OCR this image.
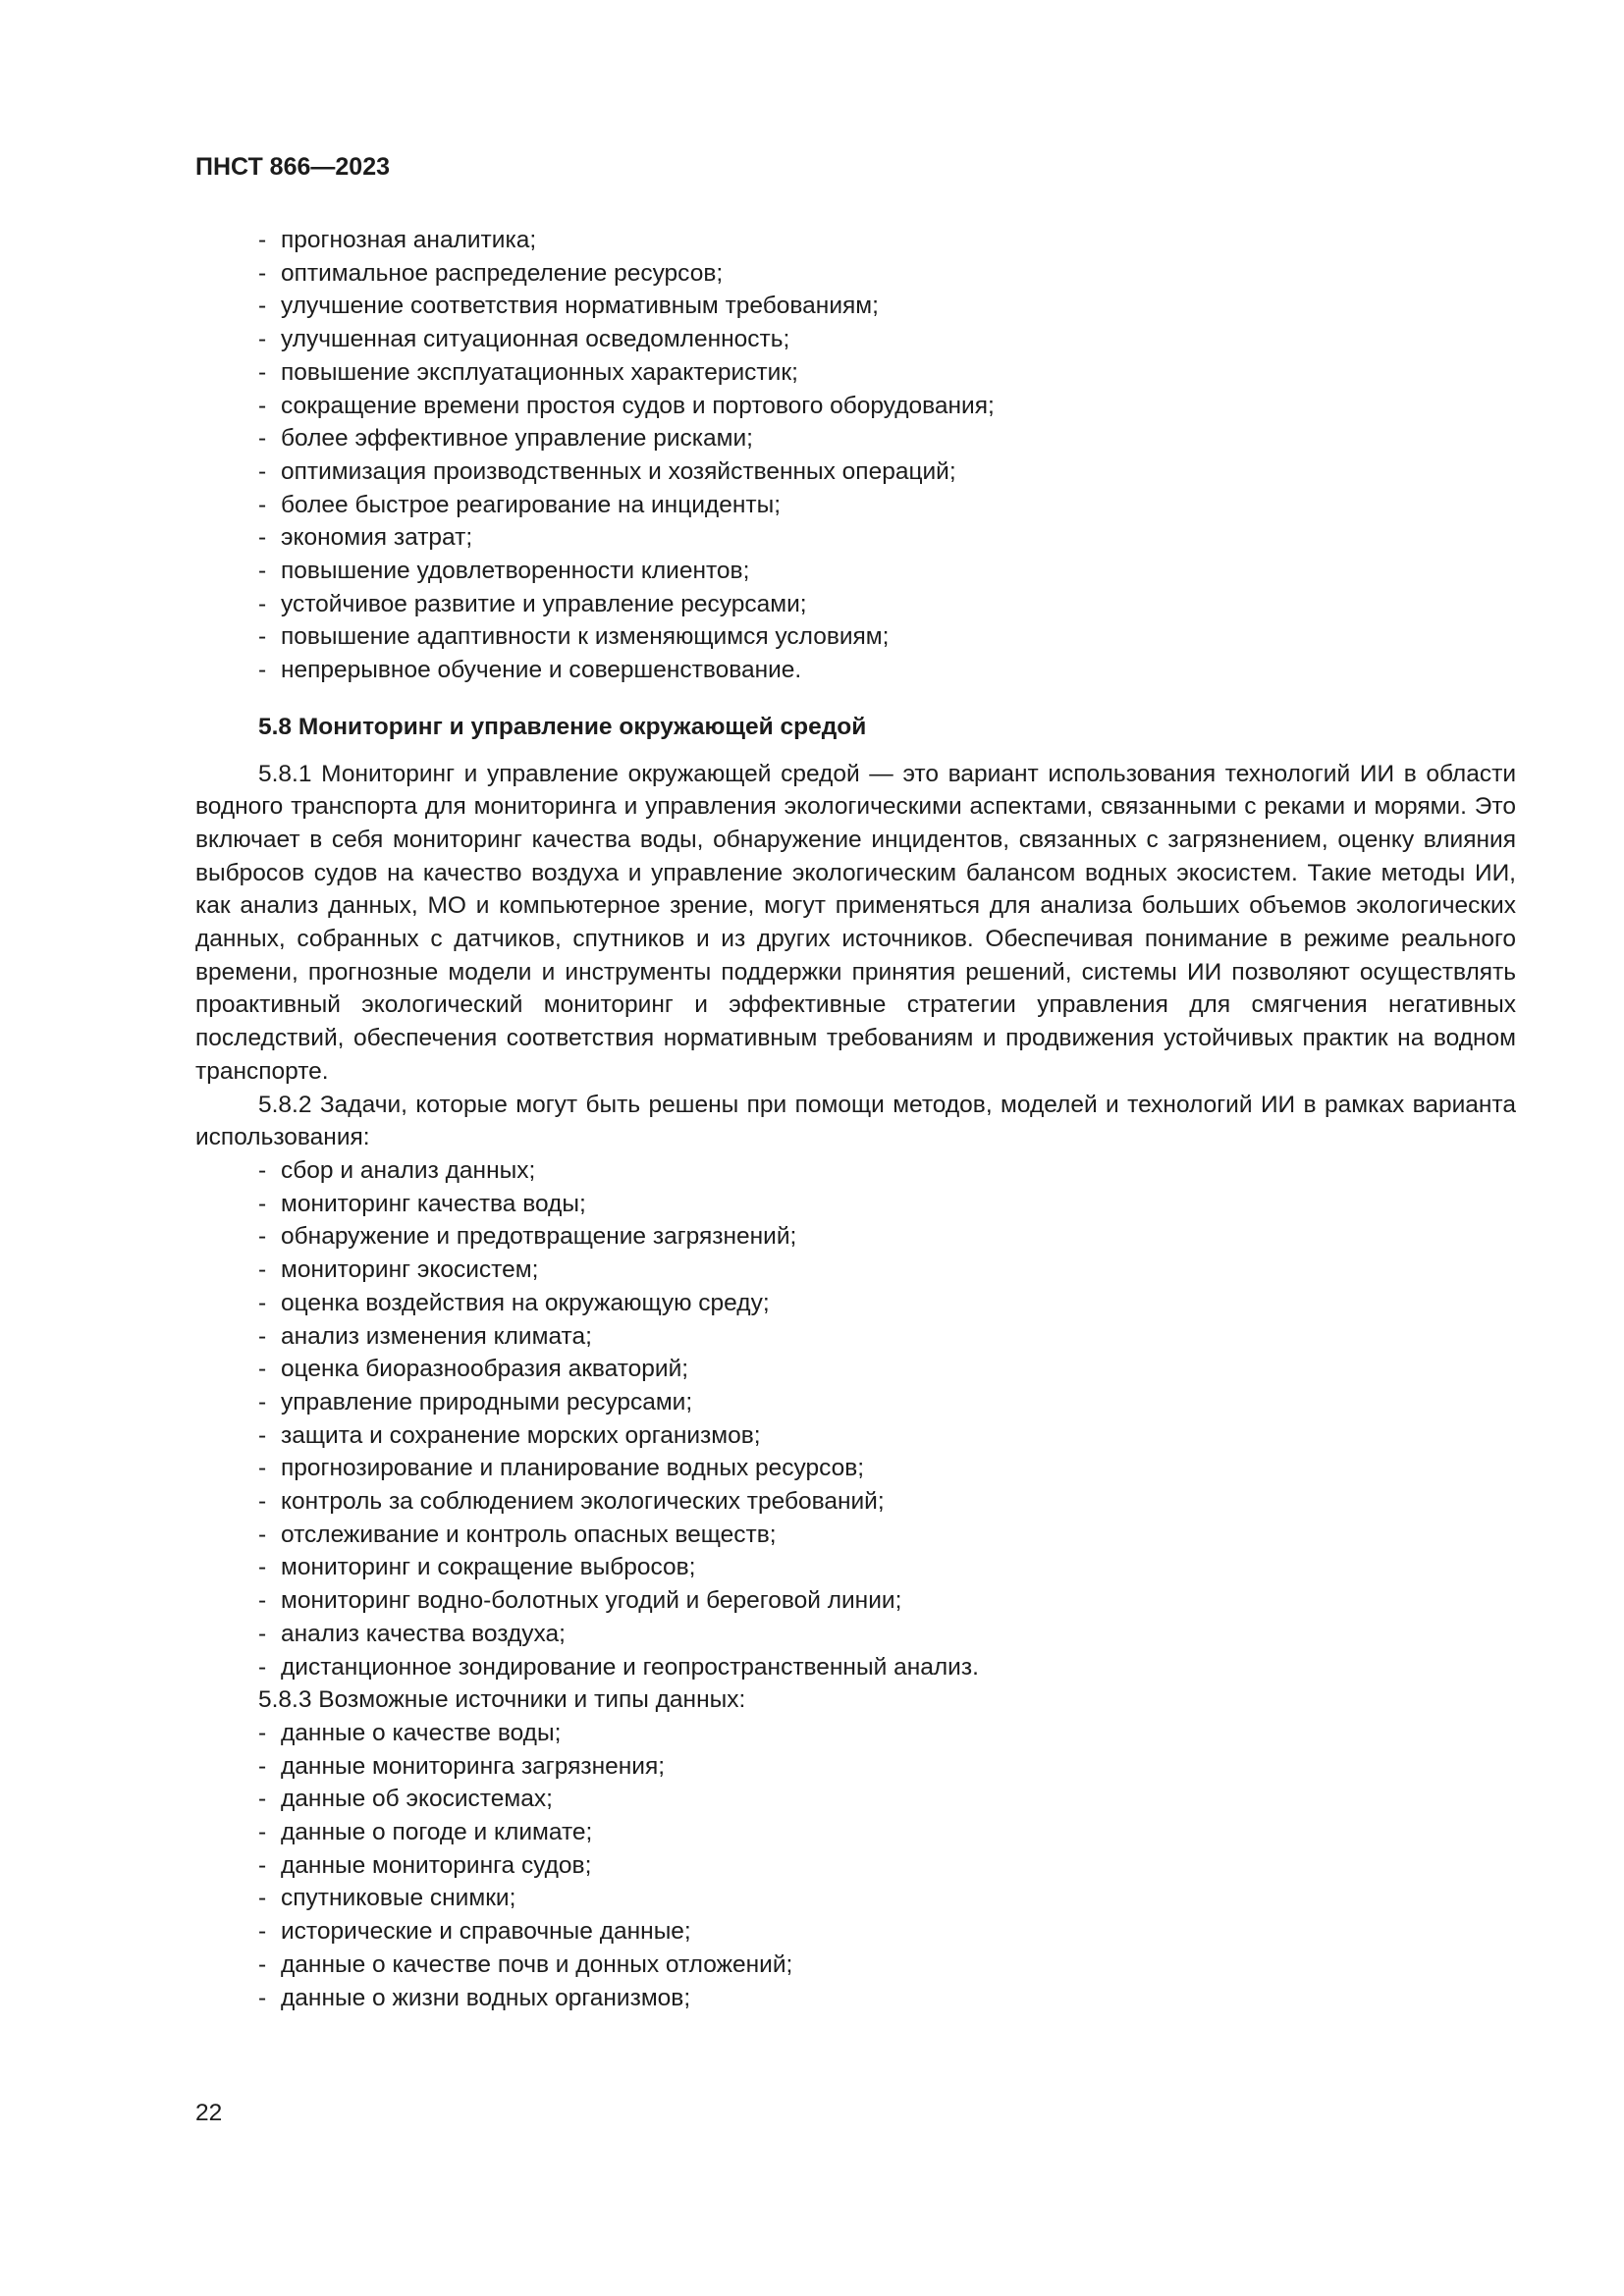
ПНСТ 866—2023
- прогнозная аналитика;
- оптимальное распределение ресурсов;
- улучшение соответствия нормативным требованиям;
- улучшенная ситуационная осведомленность;
- повышение эксплуатационных характеристик;
- сокращение времени простоя судов и портового оборудования;
- более эффективное управление рисками;
- оптимизация производственных и хозяйственных операций;
- более быстрое реагирование на инциденты;
- экономия затрат;
- повышение удовлетворенности клиентов;
- устойчивое развитие и управление ресурсами;
- повышение адаптивности к изменяющимся условиям;
- непрерывное обучение и совершенствование.
5.8 Мониторинг и управление окружающей средой

5.8.1 Мониторинг и управление окружающей средой — это вариант использования технологий ИИ в области водного транспорта для мониторинга и управления экологическими аспектами, связанными с реками и морями. Это включает в себя мониторинг качества воды, обнаружение инцидентов, связанных с загрязнением, оценку влияния выбросов судов на качество воздуха и управление экологическим балансом водных экосистем. Такие методы ИИ, как анализ данных, МО и компьютерное зрение, могут применяться для анализа больших объемов экологических данных, собранных с датчиков, спутников и из других источников. Обеспечивая понимание в режиме реального времени, прогнозные модели и инструменты поддержки принятия решений, системы ИИ позволяют осуществлять проактивный экологический мониторинг и эффективные стратегии управления для смягчения негативных последствий, обеспечения соответствия нормативным требованиям и продвижения устойчивых практик на водном транспорте.

5.8.2 Задачи, которые могут быть решены при помощи методов, моделей и технологий ИИ в рамках варианта использования:

- сбор и анализ данных;
- мониторинг качества воды;
- обнаружение и предотвращение загрязнений;
- мониторинг экосистем;
- оценка воздействия на окружающую среду;
- анализ изменения климата;
- оценка биоразнообразия акваторий;
- управление природными ресурсами;
- защита и сохранение морских организмов;
- прогнозирование и планирование водных ресурсов;
- контроль за соблюдением экологических требований;
- отслеживание и контроль опасных веществ;
- мониторинг и сокращение выбросов;
- мониторинг водно-болотных угодий и береговой линии;
- анализ качества воздуха;
- дистанционное зондирование и геопространственный анализ.

5.8.3 Возможные источники и типы данных:

- данные о качестве воды;
- данные мониторинга загрязнения;
- данные об экосистемах;
- данные о погоде и климате;
- данные мониторинга судов;
- спутниковые снимки;
- исторические и справочные данные;
- данные о качестве почв и донных отложений;
- данные о жизни водных организмов;
22
